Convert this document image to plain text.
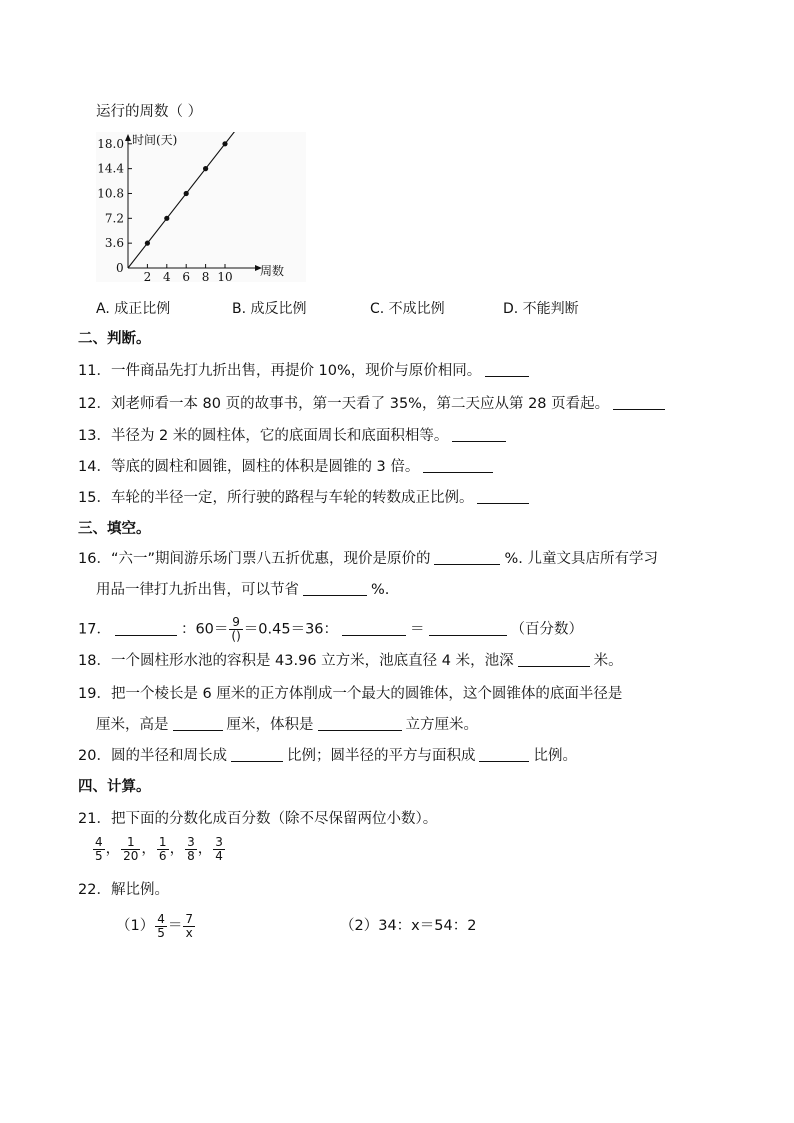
运行的周数（ ）
0
3.6
7.2
10.8
14.4
18.0
2 4 6 8 10
时间(天)
周数
A. 成正比例	B. 成反比例	C. 不成比例	D. 不能判断
二、判断。
11．一件商品先打九折出售，再提价 10%，现价与原价相同。
12．刘老师看一本 80 页的故事书，第一天看了 35%，第二天应从第 28 页看起。
13．半径为 2 米的圆柱体，它的底面周长和底面积相等。
14．等底的圆柱和圆锥，圆柱的体积是圆锥的 3 倍。
15．车轮的半径一定，所行驶的路程与车轮的转数成正比例。
三、填空。
16．“六一”期间游乐场门票八五折优惠，现价是原价的	%. 儿童文具店所有学习
用品一律打九折出售，可以节省	%.
17．	：$60= \frac{9}{()} =0.45=36$：	＝	（百分数）
18．一个圆柱形水池的容积是 43.96 立方米，池底直径 4 米，池深	米。
19．把一个棱长是 6 厘米的正方体削成一个最大的圆锥体，这个圆锥体的底面半径是
厘米，高是	厘米，体积是	立方厘米。
20．圆的半径和周长成	比例；圆半径的平方与面积成	比例。
四、计算。
21．把下面的分数化成百分数（除不尽保留两位小数）。
$\frac{4}{5}$ ， $\frac{1}{20}$ ， $\frac{1}{6}$ ， $\frac{3}{8}$ ， $\frac{3}{4}$
22．解比例。
$(1) \frac{4}{5} = \frac{7}{x}$	（2）34：x＝54：2
